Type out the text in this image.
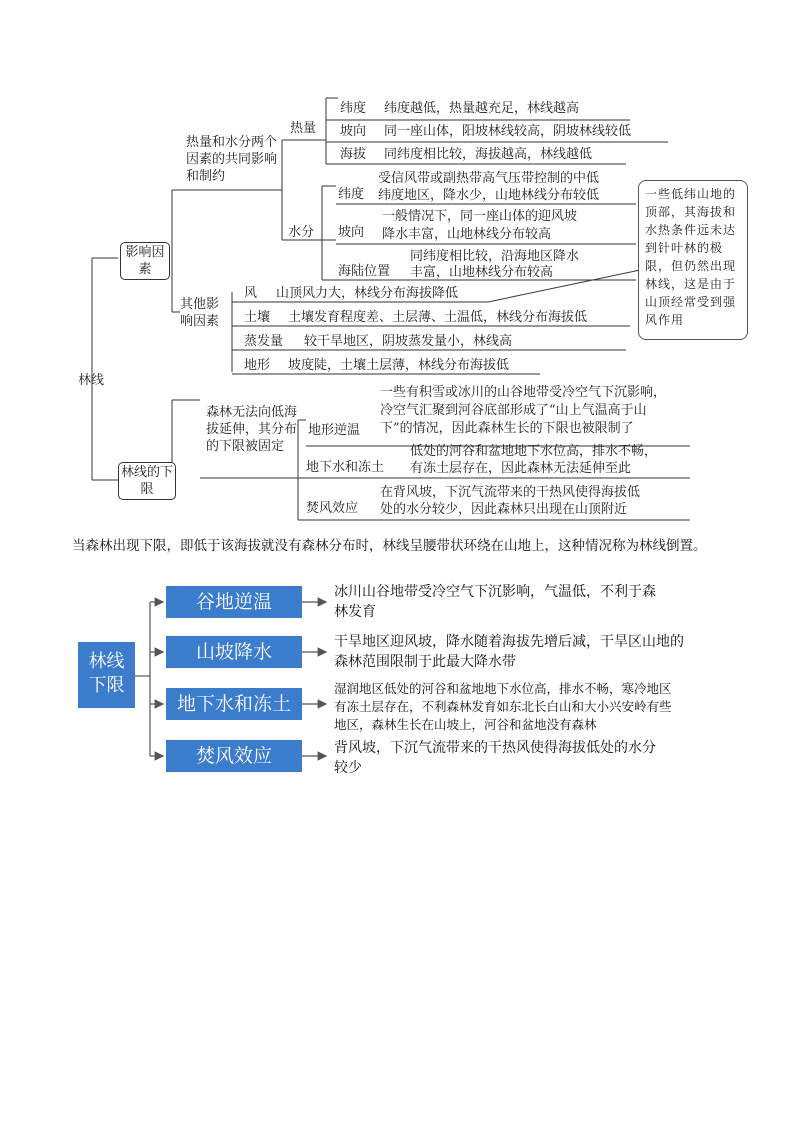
林线
影响因素
热量和水分两个因素的共同影响和制约
热量
纬度 纬度越低，热量越充足，林线越高
坡向 同一座山体，阳坡林线较高，阴坡林线较低
海拔 同纬度相比较，海拔越高，林线越低
水分
纬度
受信风带或副热带高气压带控制的中低
纬度地区，降水少，山地林线分布较低
坡向
一般情况下，同一座山体的迎风坡
降水丰富，山地林线分布较高
海陆位置
同纬度相比较，沿海地区降水
丰富，山地林线分布较高
其他影响因素
风 山顶风力大，林线分布海拔降低
土壤 土壤发育程度差、土层薄、土温低，林线分布海拔低
蒸发量 较干旱地区，阴坡蒸发量小，林线高
地形 坡度陡，土壤土层薄，林线分布海拔低
一些低纬山地的顶部，其海拔和水热条件远未达到针叶林的极限，但仍然出现林线，这是由于山顶经常受到强风作用
林线的下限
森林无法向低海拔延伸，其分布的下限被固定
地形逆温
一些有积雪或冰川的山谷地带受冷空气下沉影响，
冷空气汇聚到河谷底部形成了“山上气温高于山
下”的情况，因此森林生长的下限也被限制了
地下水和冻土
低处的河谷和盆地地下水位高，排水不畅，
有冻土层存在，因此森林无法延伸至此
焚风效应
在背风坡，下沉气流带来的干热风使得海拔低
处的水分较少，因此森林只出现在山顶附近
当森林出现下限，即低于该海拔就没有森林分布时，林线呈腰带状环绕在山地上，这种情况称为林线倒置。
林线
下限
谷地逆温
山坡降水
地下水和冻土
焚风效应
冰川山谷地带受冷空气下沉影响，气温低，不利于森
林发育
干旱地区迎风坡，降水随着海拔先增后减，干旱区山地的
森林范围限制于此最大降水带
湿润地区低处的河谷和盆地地下水位高，排水不畅，寒冷地区
有冻土层存在，不利森林发育如东北长白山和大小兴安岭有些
地区，森林生长在山坡上，河谷和盆地没有森林
背风坡，下沉气流带来的干热风使得海拔低处的水分
较少
